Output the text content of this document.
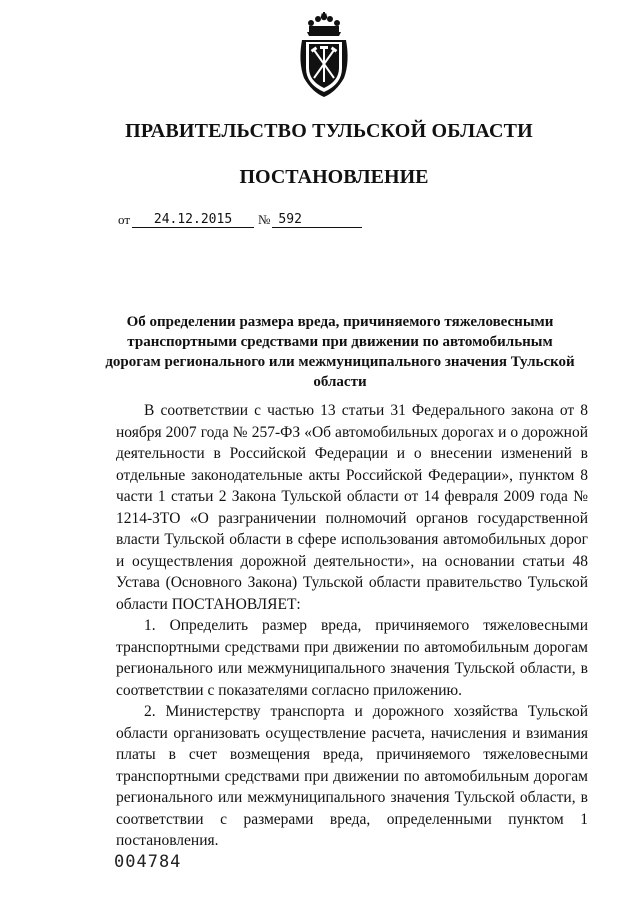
ПРАВИТЕЛЬСТВО ТУЛЬСКОЙ ОБЛАСТИ
ПОСТАНОВЛЕНИЕ
от	24.12.2015	№ 592
Об определении размера вреда, причиняемого тяжеловесными транспортными средствами при движении по автомобильным дорогам регионального или межмуниципального значения Тульской области

В соответствии с частью 13 статьи 31 Федерального закона от 8 ноября 2007 года № 257-ФЗ «Об автомобильных дорогах и о дорожной деятельности в Российской Федерации и о внесении изменений в отдельные законодательные акты Российской Федерации», пунктом 8 части 1 статьи 2 Закона Тульской области от 14 февраля 2009 года № 1214-ЗТО «О разграничении полномочий органов государственной власти Тульской области в сфере использования автомобильных дорог и осуществления дорожной деятельности», на основании статьи 48 Устава (Основного Закона) Тульской области правительство Тульской области ПОСТАНОВЛЯЕТ:

1. Определить размер вреда, причиняемого тяжеловесными транспортными средствами при движении по автомобильным дорогам регионального или межмуниципального значения Тульской области, в соответствии с показателями согласно приложению.

2. Министерству транспорта и дорожного хозяйства Тульской области организовать осуществление расчета, начисления и взимания платы в счет возмещения вреда, причиняемого тяжеловесными транспортными средствами при движении по автомобильным дорогам регионального или межмуниципального значения Тульской области, в соответствии с размерами вреда, определенными пунктом 1 постановления.

004784
